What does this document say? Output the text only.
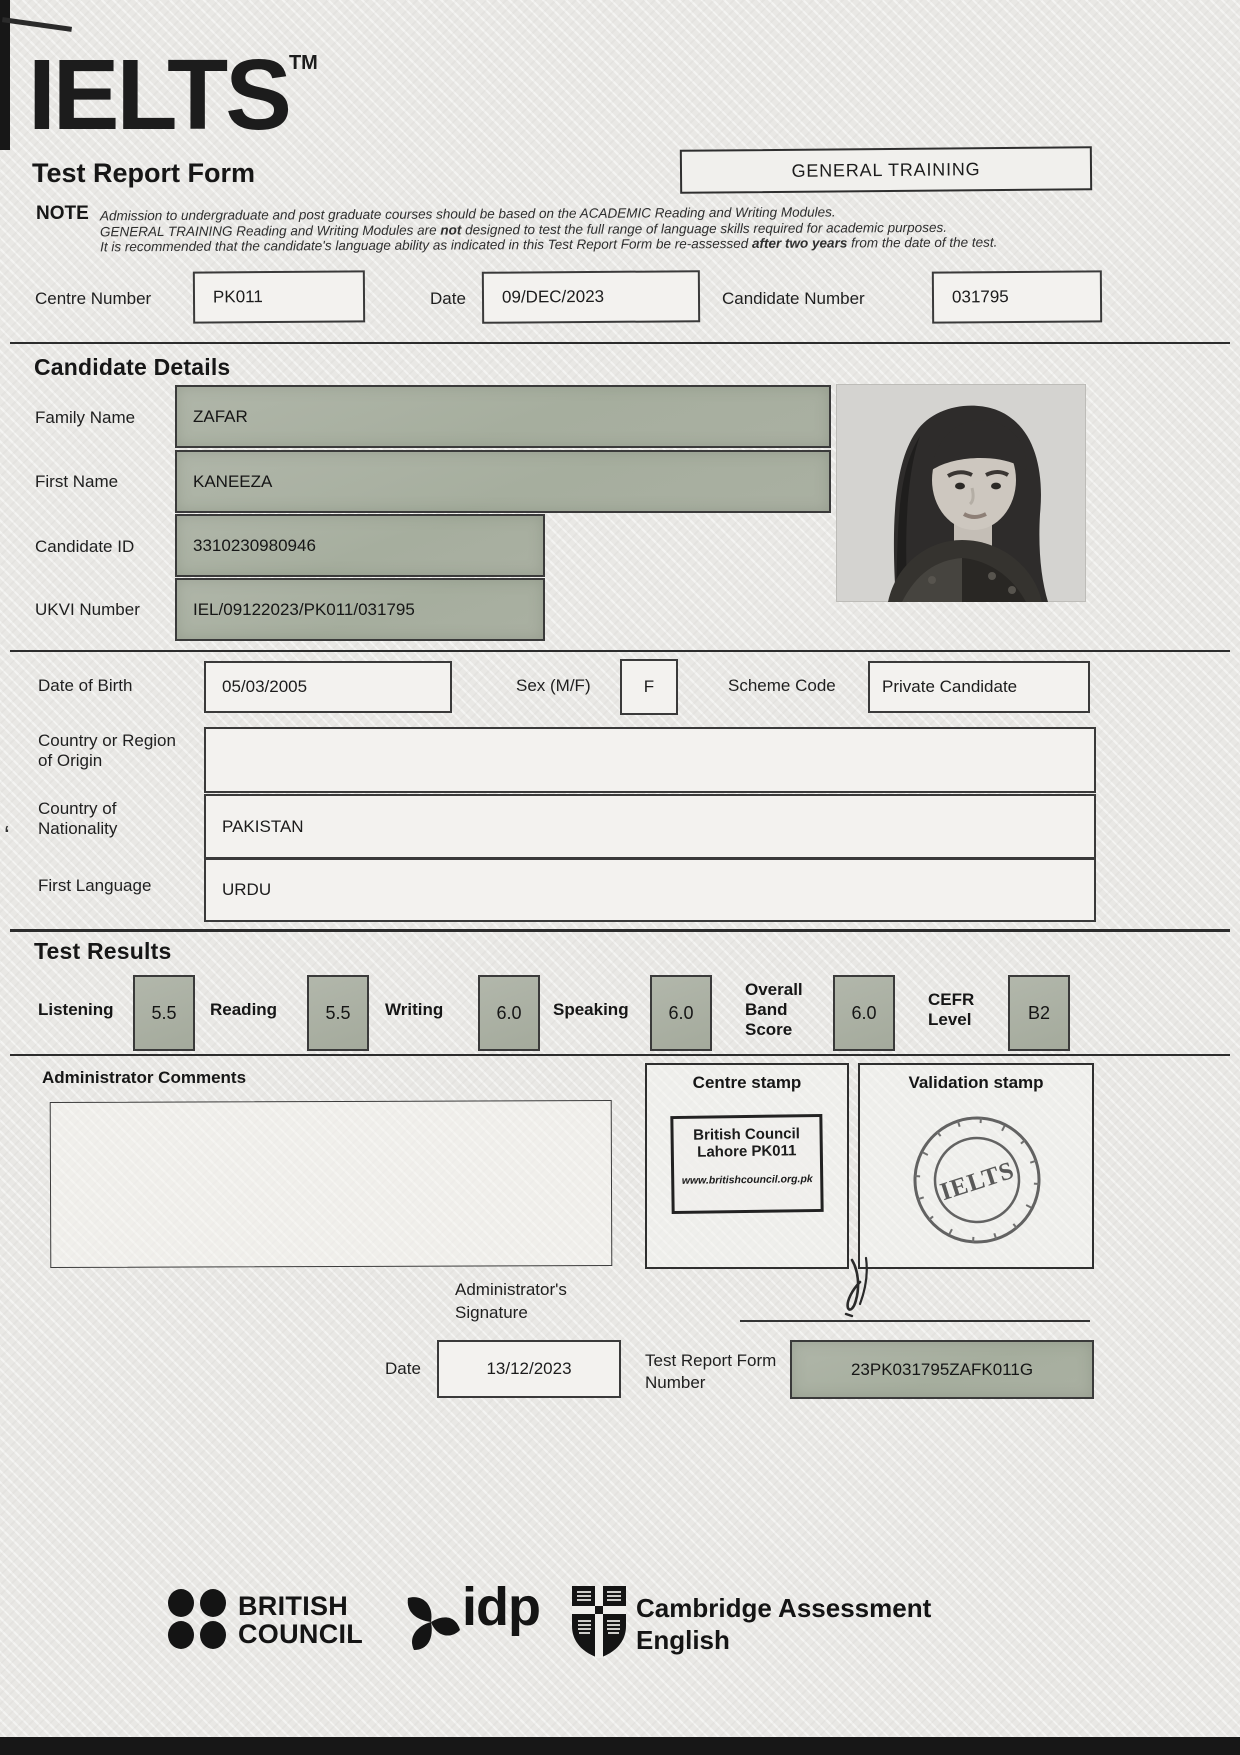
‘
IELTS™
Test Report Form	GENERAL TRAINING
NOTE Admission to undergraduate and post graduate courses should be based on the ACADEMIC Reading and Writing Modules.
GENERAL TRAINING Reading and Writing Modules are not designed to test the full range of language skills required for academic purposes.
It is recommended that the candidate's language ability as indicated in this Test Report Form be re-assessed after two years from the date of the test.
Centre Number	PK011	Date 09/DEC/2023	Candidate Number	031795
Candidate Details
Family Name	ZAFAR
First Name	KANEEZA
Candidate ID	3310230980946
UKVI Number	IEL/09122023/PK011/031795
Date of Birth	05/03/2005	Sex (M/F)	F	Scheme Code	Private Candidate
Country or Region
of Origin
Country of
Nationality	PAKISTAN
First Language	URDU
Test Results
Listening 5.5 Reading	5.5 Writing	6.0 Speaking 6.0
Overall
Band
Score
6.0
CEFR
Level	B2
Administrator Comments	Centre stamp
British Council
Lahore PK011
www.britishcouncil.org.pk
Validation stamp
IELTS
Administrator's
Signature
Date	13/12/2023	Test Report Form
Number
23PK031795ZAFK011G
BRITISH
COUNCIL idp	Cambridge Assessment
English
